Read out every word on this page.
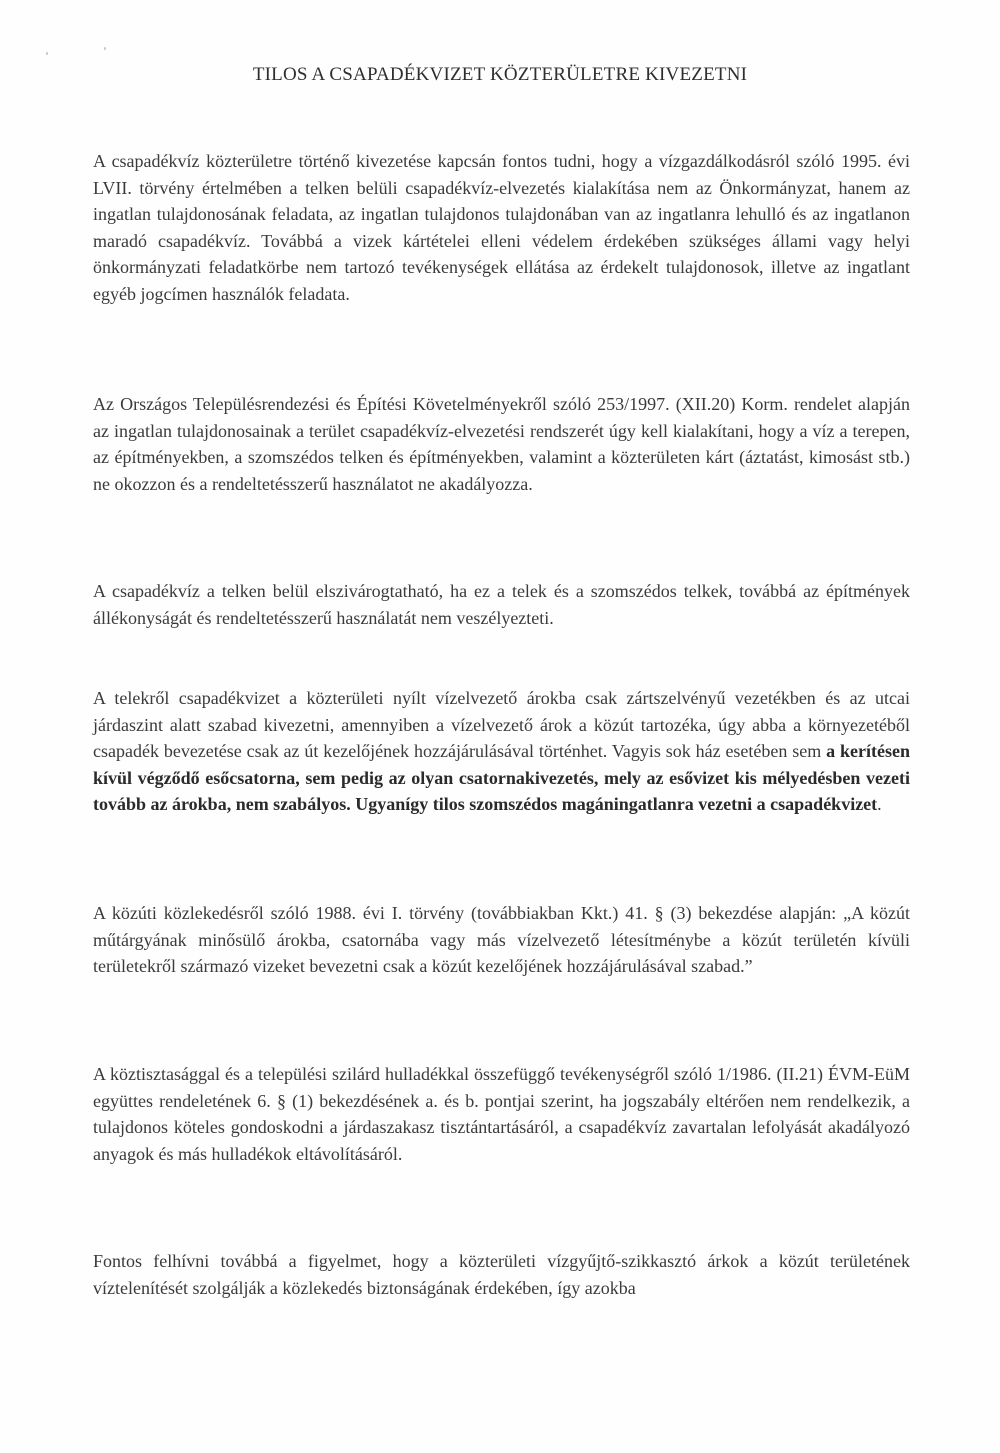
TILOS A CSAPADÉKVIZET KÖZTERÜLETRE KIVEZETNI

A csapadékvíz közterületre történő kivezetése kapcsán fontos tudni, hogy a vízgazdálkodásról szóló 1995. évi LVII. törvény értelmében a telken belüli csapadékvíz-elvezetés kialakítása nem az Önkormányzat, hanem az ingatlan tulajdonosának feladata, az ingatlan tulajdonos tulajdonában van az ingatlanra lehulló és az ingatlanon maradó csapadékvíz. Továbbá a vizek kártételei elleni védelem érdekében szükséges állami vagy helyi önkormányzati feladatkörbe nem tartozó tevékenységek ellátása az érdekelt tulajdonosok, illetve az ingatlant egyéb jogcímen használók feladata.

Az Országos Településrendezési és Építési Követelményekről szóló 253/1997. (XII.20) Korm. rendelet alapján az ingatlan tulajdonosainak a terület csapadékvíz-elvezetési rendszerét úgy kell kialakítani, hogy a víz a terepen, az építményekben, a szomszédos telken és építményekben, valamint a közterületen kárt (áztatást, kimosást stb.) ne okozzon és a rendeltetésszerű használatot ne akadályozza.

A csapadékvíz a telken belül elszivárogtatható, ha ez a telek és a szomszédos telkek, továbbá az építmények állékonyságát és rendeltetésszerű használatát nem veszélyezteti.

A telekről csapadékvizet a közterületi nyílt vízelvezető árokba csak zártszelvényű vezetékben és az utcai járdaszint alatt szabad kivezetni, amennyiben a vízelvezető árok a közút tartozéka, úgy abba a környezetéből csapadék bevezetése csak az út kezelőjének hozzájárulásával történhet. Vagyis sok ház esetében sem a kerítésen kívül végződő esőcsatorna, sem pedig az olyan csatornakivezetés, mely az esővizet kis mélyedésben vezeti tovább az árokba, nem szabályos. Ugyanígy tilos szomszédos magáningatlanra vezetni a csapadékvizet.

A közúti közlekedésről szóló 1988. évi I. törvény (továbbiakban Kkt.) 41. § (3) bekezdése alapján: „A közút műtárgyának minősülő árokba, csatornába vagy más vízelvezető létesítménybe a közút területén kívüli területekről származó vizeket bevezetni csak a közút kezelőjének hozzájárulásával szabad.”

A köztisztasággal és a települési szilárd hulladékkal összefüggő tevékenységről szóló 1/1986. (II.21) ÉVM-EüM együttes rendeletének 6. § (1) bekezdésének a. és b. pontjai szerint, ha jogszabály eltérően nem rendelkezik, a tulajdonos köteles gondoskodni a járdaszakasz tisztántartásáról, a csapadékvíz zavartalan lefolyását akadályozó anyagok és más hulladékok eltávolításáról.

Fontos felhívni továbbá a figyelmet, hogy a közterületi vízgyűjtő-szikkasztó árkok a közút területének víztelenítését szolgálják a közlekedés biztonságának érdekében, így azokba
